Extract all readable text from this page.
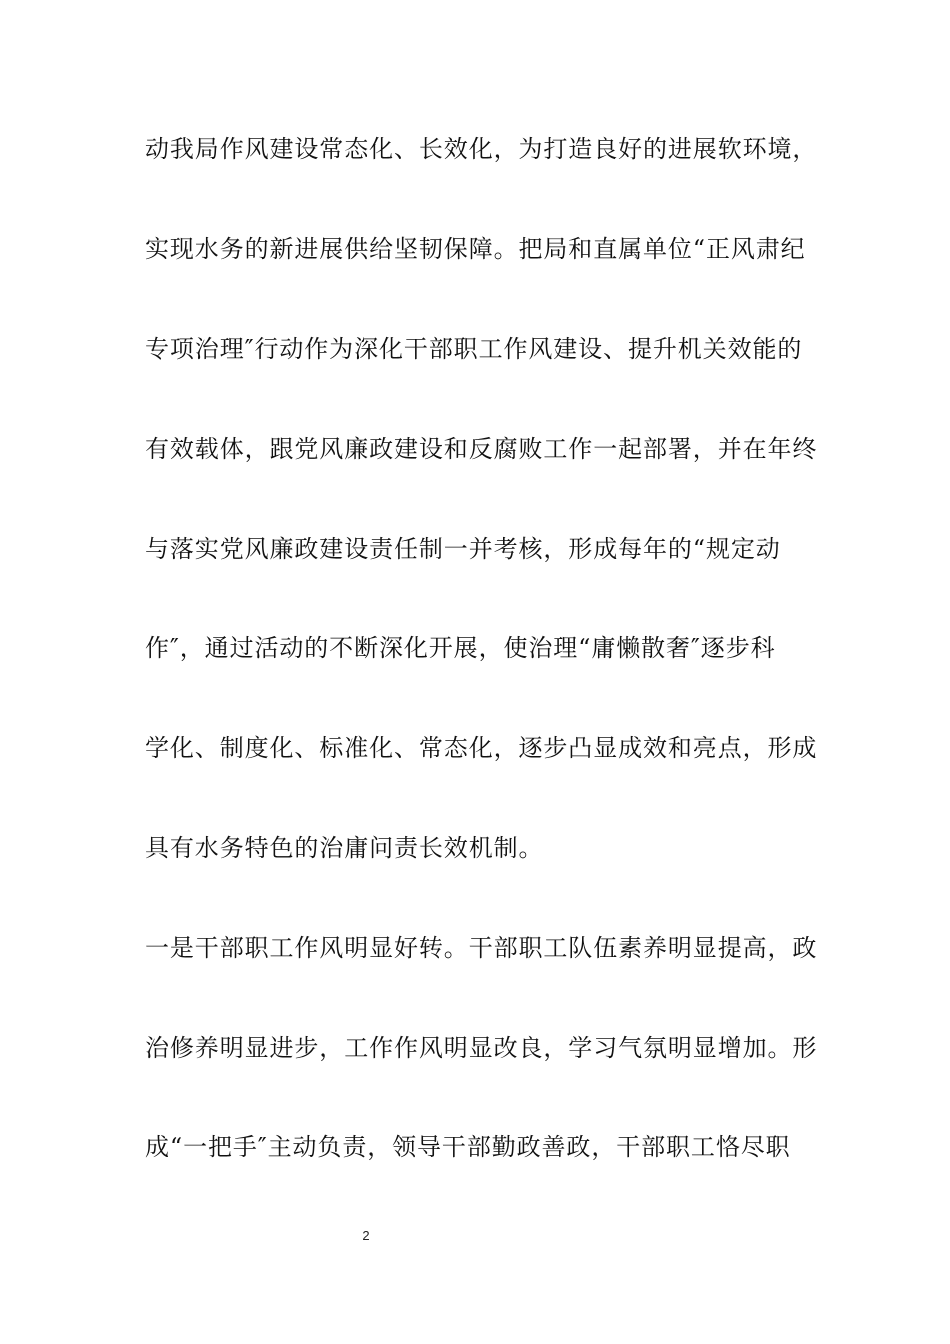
动我局作风建设常态化、长效化，为打造良好的进展软环境，
实现水务的新进展供给坚韧保障。把局和直属单位“正风肃纪
专项治理″行动作为深化干部职工作风建设、提升机关效能的
有效载体，跟党风廉政建设和反腐败工作一起部署，并在年终
与落实党风廉政建设责任制一并考核，形成每年的“规定动
作″，通过活动的不断深化开展，使治理“庸懒散奢″逐步科
学化、制度化、标准化、常态化，逐步凸显成效和亮点，形成
具有水务特色的治庸问责长效机制。
一是干部职工作风明显好转。干部职工队伍素养明显提高，政
治修养明显进步，工作作风明显改良，学习气氛明显增加。形
成“一把手″主动负责，领导干部勤政善政，干部职工恪尽职
2
